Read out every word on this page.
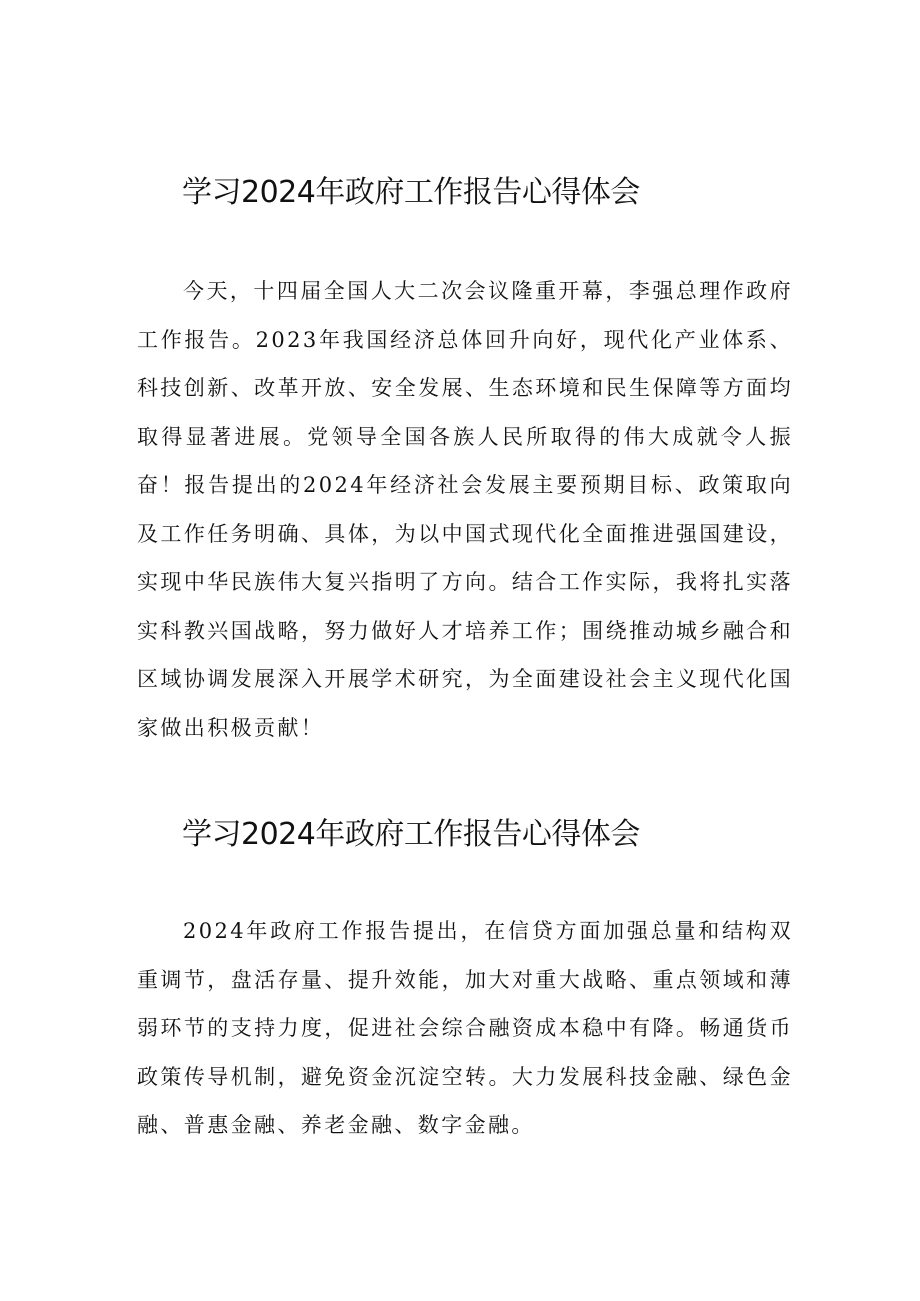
学习2024年政府工作报告心得体会

今天，十四届全国人大二次会议隆重开幕，李强总理作政府工作报告。2023年我国经济总体回升向好，现代化产业体系、科技创新、改革开放、安全发展、生态环境和民生保障等方面均取得显著进展。党领导全国各族人民所取得的伟大成就令人振奋！报告提出的2024年经济社会发展主要预期目标、政策取向及工作任务明确、具体，为以中国式现代化全面推进强国建设，实现中华民族伟大复兴指明了方向。结合工作实际，我将扎实落实科教兴国战略，努力做好人才培养工作；围绕推动城乡融合和区域协调发展深入开展学术研究，为全面建设社会主义现代化国家做出积极贡献！

学习2024年政府工作报告心得体会

2024年政府工作报告提出，在信贷方面加强总量和结构双重调节，盘活存量、提升效能，加大对重大战略、重点领域和薄弱环节的支持力度，促进社会综合融资成本稳中有降。畅通货币政策传导机制，避免资金沉淀空转。大力发展科技金融、绿色金融、普惠金融、养老金融、数字金融。
